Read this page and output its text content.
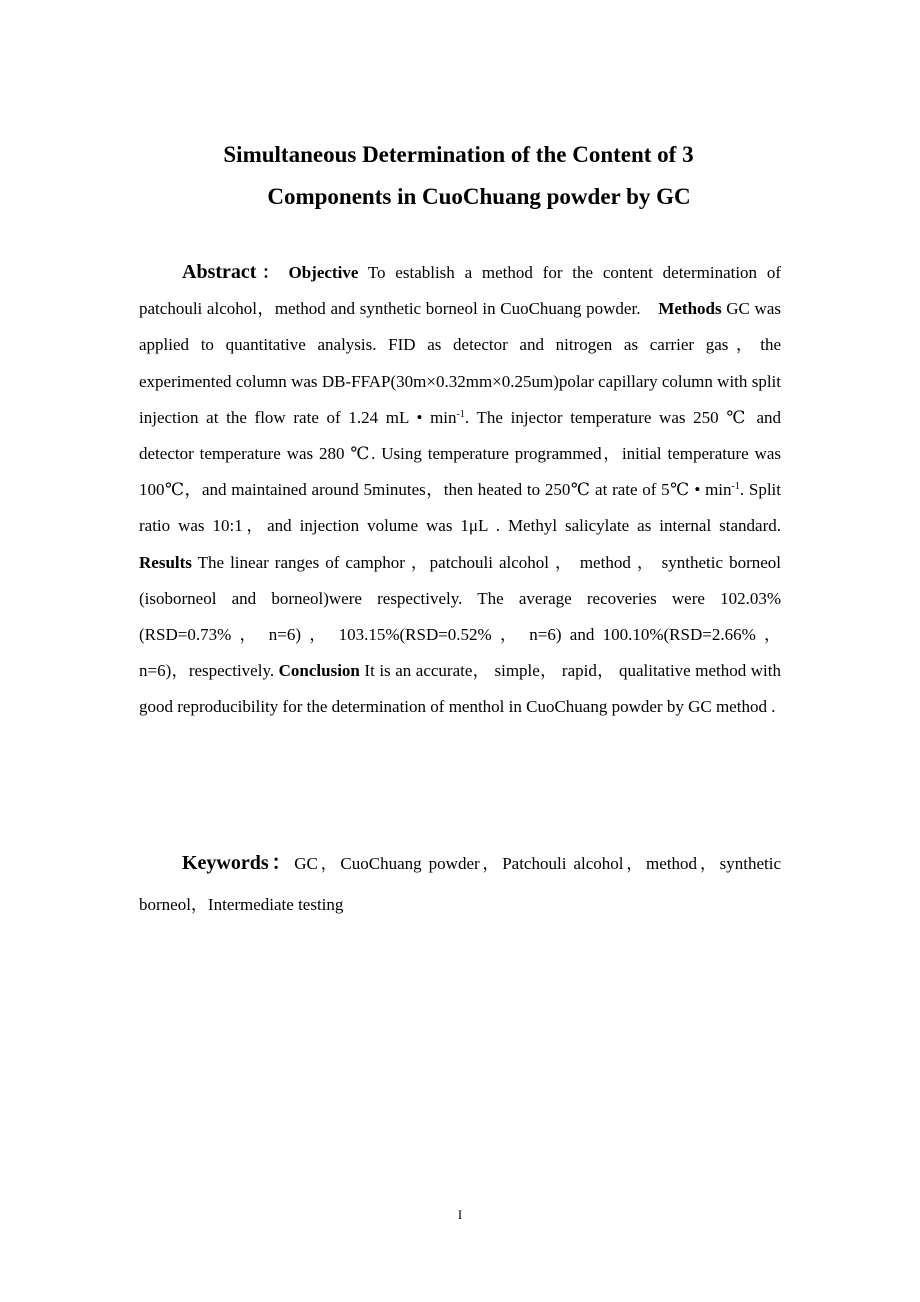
Simultaneous Determination of the Content of 3
Components in CuoChuang powder by GC

Abstract： Objective To establish a method for the content determination of patchouli alcohol，method and synthetic borneol in CuoChuang powder.　Methods GC was applied to quantitative analysis. FID as detector and nitrogen as carrier gas，the experimented column was DB-FFAP(30m×0.32mm×0.25um)polar capillary column with split injection at the flow rate of 1.24 mL • $\min^{-1}$. The injector temperature was 250 ℃ and detector temperature was 280 ℃. Using temperature programmed，initial temperature was 100℃，and maintained around 5minutes，then heated to 250℃ at rate of 5℃ • $\min^{-1}$. Split ratio was 10:1，and injection volume was 1μL . Methyl salicylate as internal standard. Results The linear ranges of camphor ，patchouli alcohol ， method ， synthetic borneol (isoborneol and borneol)were respectively. The average recoveries were 102.03%(RSD=0.73% ， n=6) ， 103.15%(RSD=0.52% ， n=6) and 100.10%(RSD=2.66% ， n=6)，respectively. Conclusion It is an accurate， simple， rapid， qualitative method with good reproducibility for the determination of menthol in CuoChuang powder by GC method .

Keywords：GC，CuoChuang powder，Patchouli alcohol，method，synthetic borneol，Intermediate testing

I
